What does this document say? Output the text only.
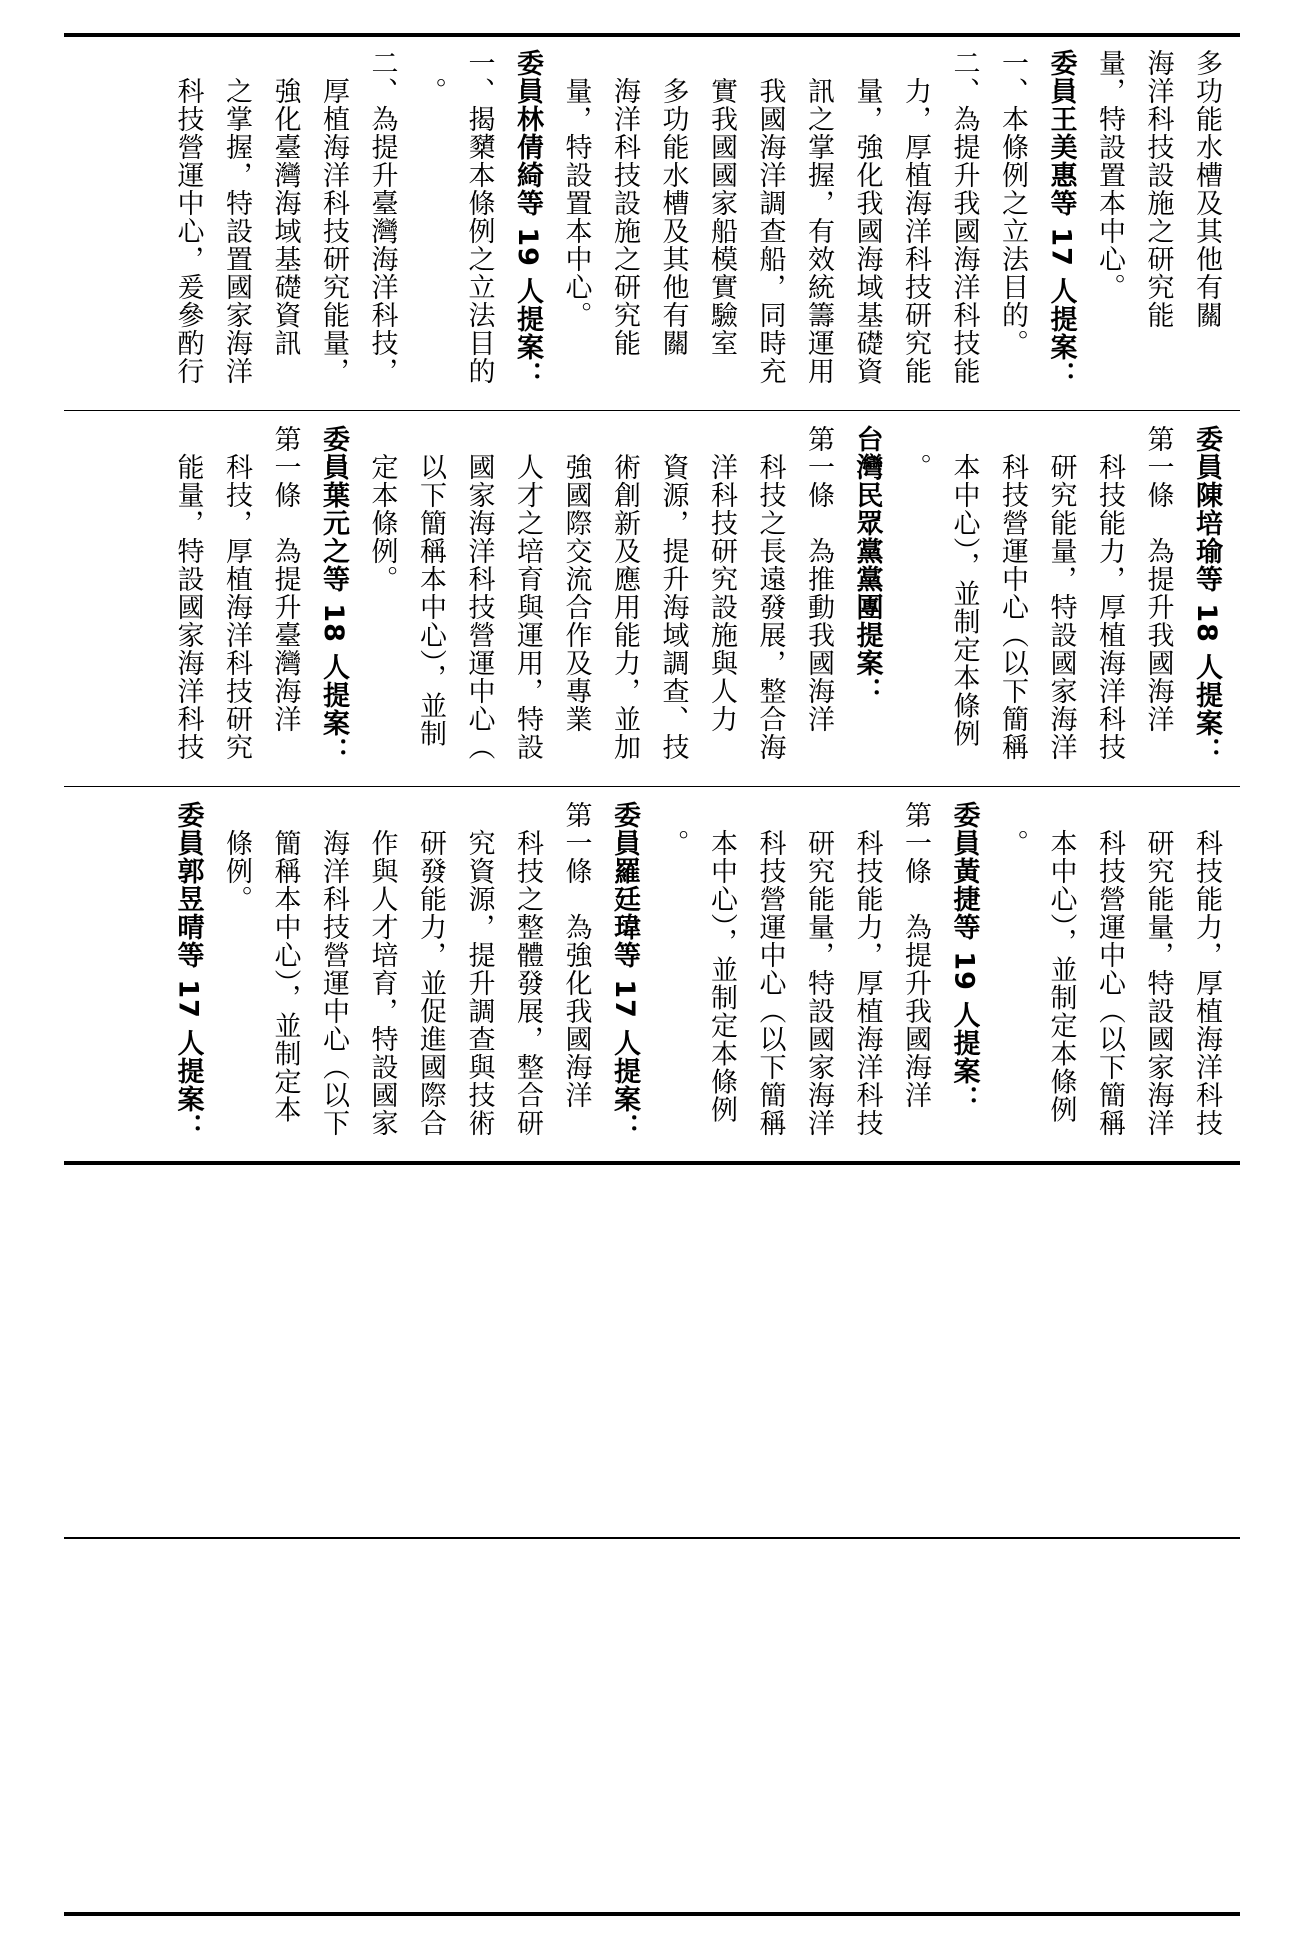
多功能水槽及其他有關
海洋科技設施之研究能
量，特設置本中心。
委員王美惠等 17 人提案：
一、本條例之立法目的。
二、為提升我國海洋科技能
　力，厚植海洋科技研究能
　量，強化我國海域基礎資
　訊之掌握，有效統籌運用
　我國海洋調查船，同時充
　實我國國家船模實驗室
　多功能水槽及其他有關
　海洋科技設施之研究能
　量，特設置本中心。
委員林倩綺等 19 人提案：
一、揭櫫本條例之立法目的
　。
二、為提升臺灣海洋科技，
　厚植海洋科技研究能量，
　強化臺灣海域基礎資訊
　之掌握，特設置國家海洋
　科技營運中心，爰參酌行
委員陳培瑜等 18 人提案：
第一條　為提升我國海洋
　科技能力，厚植海洋科技
　研究能量，特設國家海洋
　科技營運中心（以下簡稱
　本中心），並制定本條例
　。
台灣民眾黨黨團提案：
第一條　為推動我國海洋
　科技之長遠發展，整合海
　洋科技研究設施與人力
　資源，提升海域調查、技
　術創新及應用能力，並加
　強國際交流合作及專業
　人才之培育與運用，特設
　國家海洋科技營運中心（
　以下簡稱本中心），並制
　定本條例。
委員葉元之等 18 人提案：
第一條　為提升臺灣海洋
　科技，厚植海洋科技研究
　能量，特設國家海洋科技
　科技能力，厚植海洋科技
　研究能量，特設國家海洋
　科技營運中心（以下簡稱
　本中心），並制定本條例
　。
委員黃捷等 19 人提案：
第一條　為提升我國海洋
　科技能力，厚植海洋科技
　研究能量，特設國家海洋
　科技營運中心（以下簡稱
　本中心），並制定本條例
　。
委員羅廷瑋等 17 人提案：
第一條　為強化我國海洋
　科技之整體發展，整合研
　究資源，提升調查與技術
　研發能力，並促進國際合
　作與人才培育，特設國家
　海洋科技營運中心（以下
　簡稱本中心），並制定本
　條例。
委員郭昱晴等 17 人提案：
